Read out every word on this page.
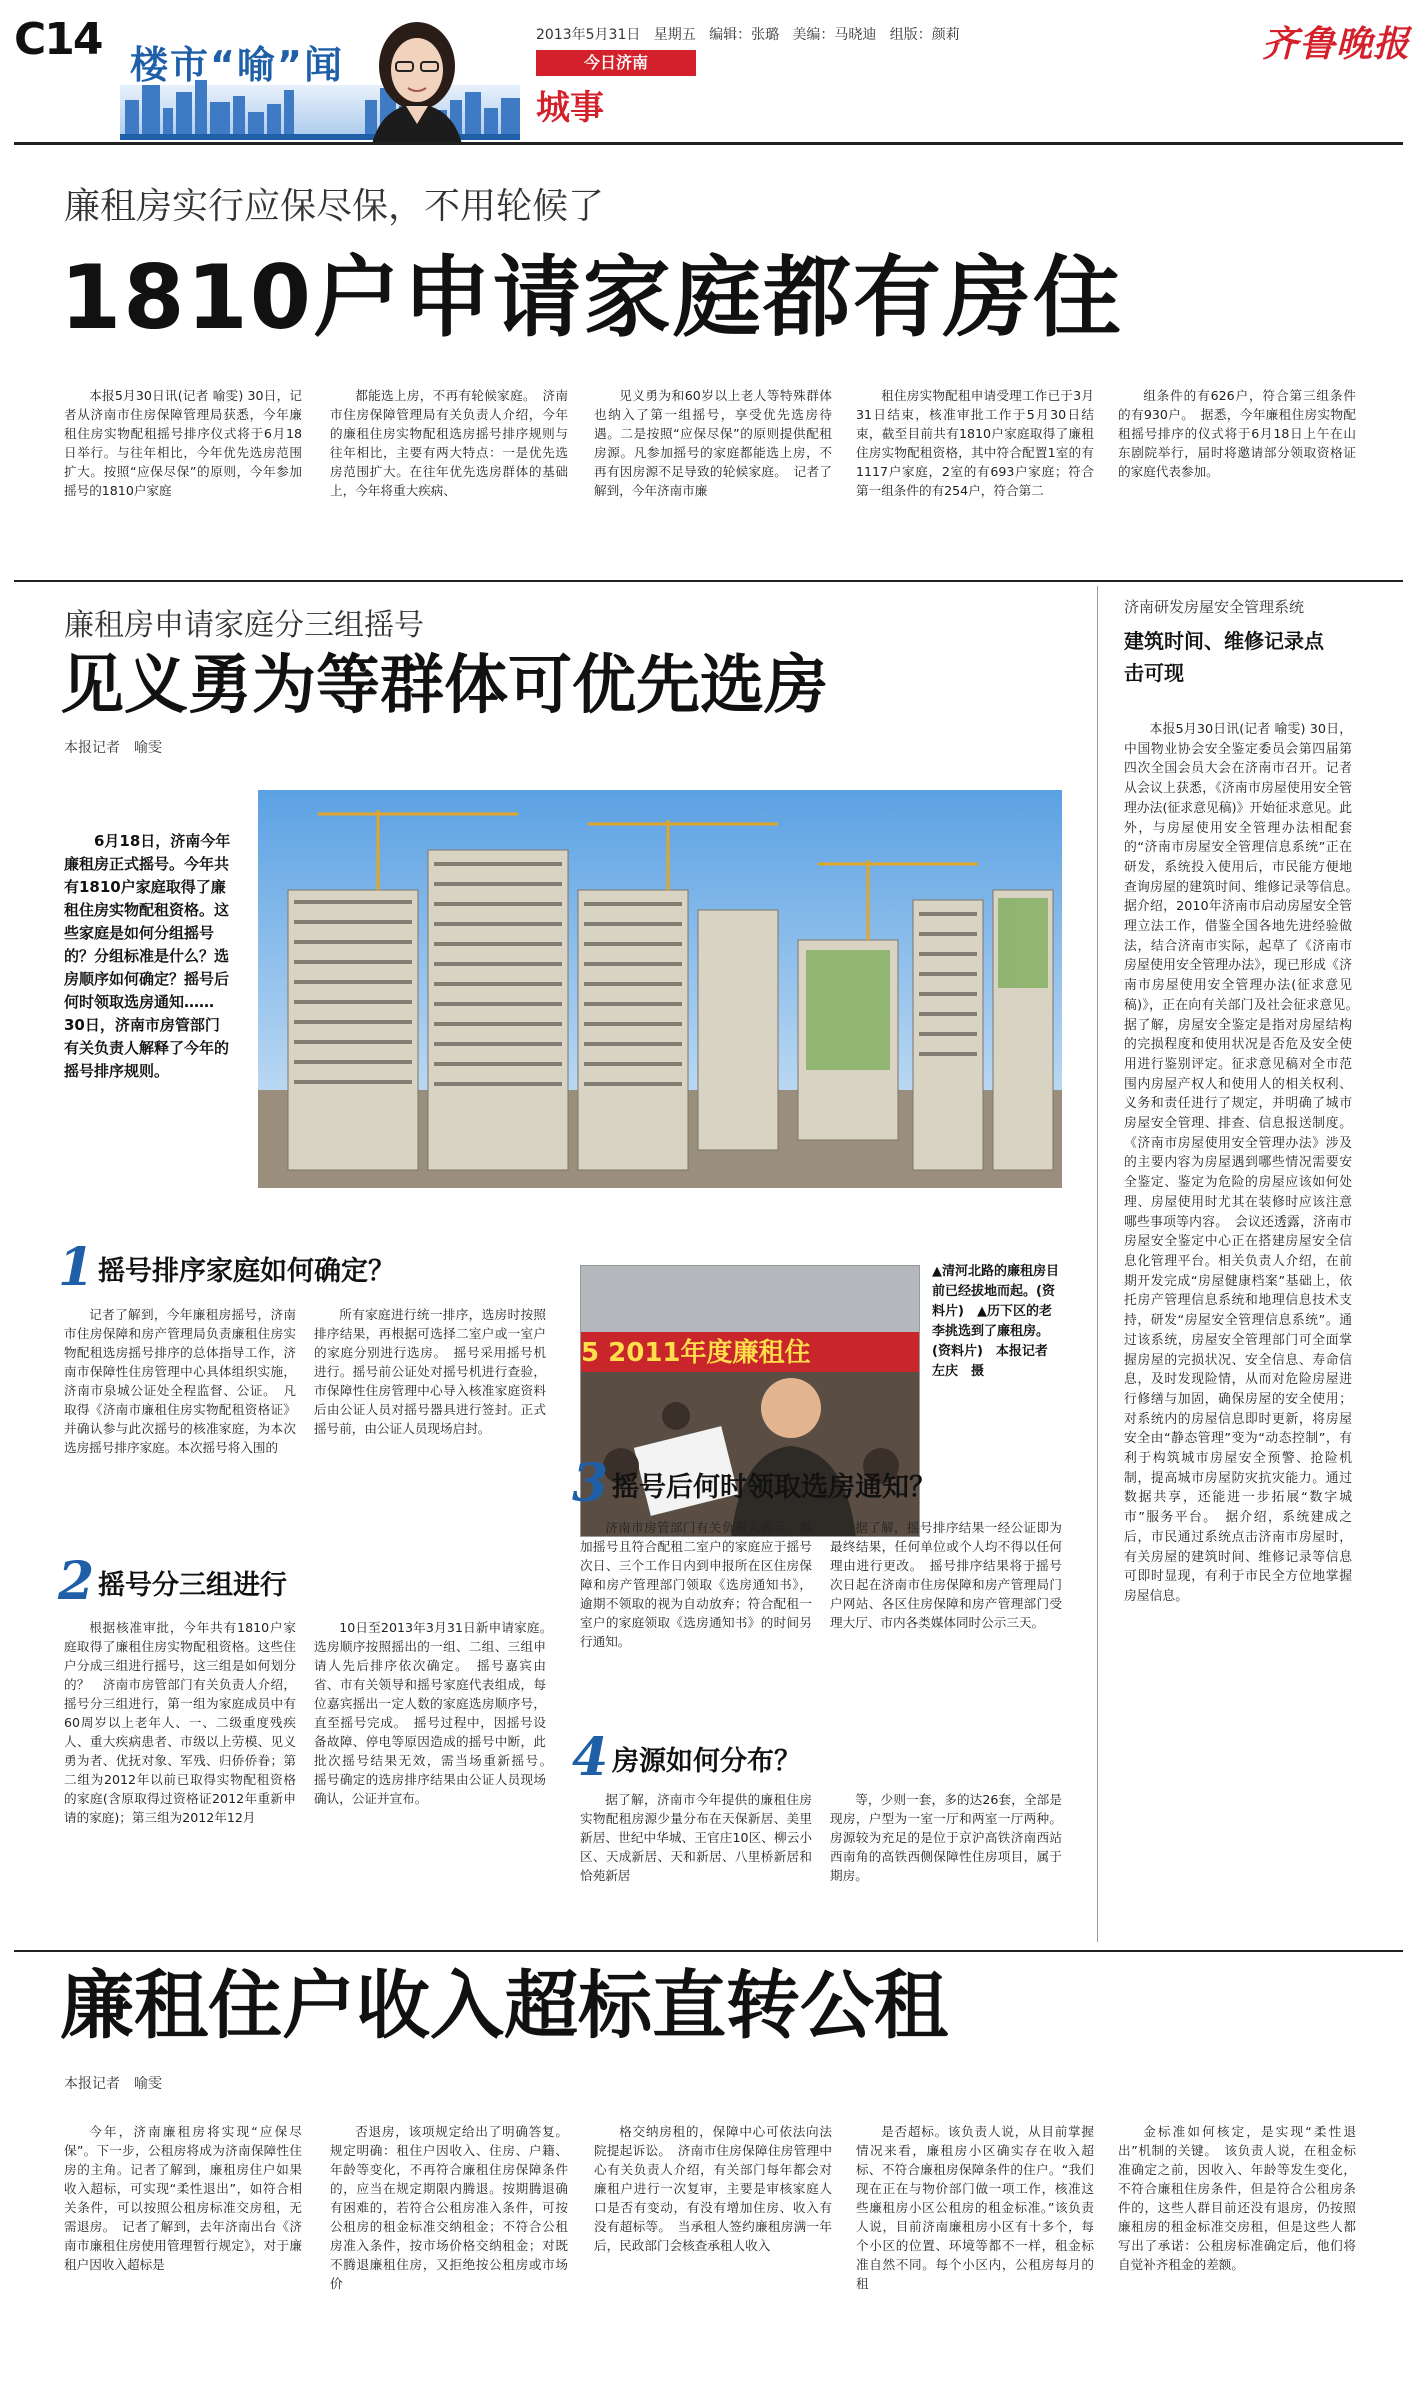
C14 楼市“喻”闻
2013年5月31日 星期五 编辑：张璐 美编：马晓迪 组版：颜莉
今日济南
城事
齐鲁晚报
廉租房实行应保尽保，不用轮候了
1810户申请家庭都有房住
本报5月30日讯(记者 喻雯) 30日，记者从济南市住房保障管理局获悉，今年廉租住房实物配租摇号排序仪式将于6月18日举行。与往年相比，今年优先选房范围扩大。按照“应保尽保”的原则，今年参加摇号的1810户家庭
都能选上房，不再有轮候家庭。　济南市住房保障管理局有关负责人介绍，今年的廉租住房实物配租选房摇号排序规则与往年相比，主要有两大特点：一是优先选房范围扩大。在往年优先选房群体的基础上，今年将重大疾病、
见义勇为和60岁以上老人等特殊群体也纳入了第一组摇号，享受优先选房待遇。二是按照“应保尽保”的原则提供配租房源。凡参加摇号的家庭都能选上房，不再有因房源不足导致的轮候家庭。　记者了解到，今年济南市廉
租住房实物配租申请受理工作已于3月31日结束，核准审批工作于5月30日结束，截至目前共有1810户家庭取得了廉租住房实物配租资格，其中符合配置1室的有1117户家庭，2室的有693户家庭；符合第一组条件的有254户，符合第二
组条件的有626户，符合第三组条件的有930户。　据悉，今年廉租住房实物配租摇号排序的仪式将于6月18日上午在山东剧院举行，届时将邀请部分领取资格证的家庭代表参加。
廉租房申请家庭分三组摇号
见义勇为等群体可优先选房
本报记者　喻雯
6月18日，济南今年廉租房正式摇号。今年共有1810户家庭取得了廉租住房实物配租资格。这些家庭是如何分组摇号的？分组标准是什么？选房顺序如何确定？摇号后何时领取选房通知……30日，济南市房管部门有关负责人解释了今年的摇号排序规则。
5 2011年度廉租住
▲清河北路的廉租房目前已经拔地而起。(资料片)　▲历下区的老李挑选到了廉租房。(资料片)　本报记者　左庆　摄
1 摇号排序家庭如何确定？
记者了解到，今年廉租房摇号，济南市住房保障和房产管理局负责廉租住房实物配租选房摇号排序的总体指导工作，济南市保障性住房管理中心具体组织实施，济南市泉城公证处全程监督、公证。　凡取得《济南市廉租住房实物配租资格证》并确认参与此次摇号的核准家庭，为本次选房摇号排序家庭。本次摇号将入围的
所有家庭进行统一排序，选房时按照排序结果，再根据可选择二室户或一室户的家庭分别进行选房。　摇号采用摇号机进行。摇号前公证处对摇号机进行查验，市保障性住房管理中心导入核准家庭资料后由公证人员对摇号器具进行签封。正式摇号前，由公证人员现场启封。
2 摇号分三组进行
根据核准审批，今年共有1810户家庭取得了廉租住房实物配租资格。这些住户分成三组进行摇号，这三组是如何划分的？　济南市房管部门有关负责人介绍，摇号分三组进行，第一组为家庭成员中有60周岁以上老年人、一、二级重度残疾人、重大疾病患者、市级以上劳模、见义勇为者、优抚对象、军残、归侨侨眷；第二组为2012年以前已取得实物配租资格的家庭(含原取得过资格证2012年重新申请的家庭)；第三组为2012年12月
10日至2013年3月31日新申请家庭。　选房顺序按照摇出的一组、二组、三组申请人先后排序依次确定。　摇号嘉宾由省、市有关领导和摇号家庭代表组成，每位嘉宾摇出一定人数的家庭选房顺序号，直至摇号完成。　摇号过程中，因摇号设备故障、停电等原因造成的摇号中断，此批次摇号结果无效，需当场重新摇号。　摇号确定的选房排序结果由公证人员现场确认，公证并宣布。
3 摇号后何时领取选房通知？
济南市房管部门有关负责人表示，参加摇号且符合配租二室户的家庭应于摇号次日、三个工作日内到申报所在区住房保障和房产管理部门领取《选房通知书》，逾期不领取的视为自动放弃；符合配租一室户的家庭领取《选房通知书》的时间另行通知。
据了解，摇号排序结果一经公证即为最终结果，任何单位或个人均不得以任何理由进行更改。　摇号排序结果将于摇号次日起在济南市住房保障和房产管理局门户网站、各区住房保障和房产管理部门受理大厅、市内各类媒体同时公示三天。
4 房源如何分布？
据了解，济南市今年提供的廉租住房实物配租房源少量分布在天保新居、美里新居、世纪中华城、王官庄10区、柳云小区、天成新居、天和新居、八里桥新居和恰苑新居
等，少则一套，多的达26套，全部是现房，户型为一室一厅和两室一厅两种。房源较为充足的是位于京沪高铁济南西站西南角的高铁西侧保障性住房项目，属于期房。
济南研发房屋安全管理系统
建筑时间、维修记录点击可现
本报5月30日讯(记者 喻雯) 30日，中国物业协会安全鉴定委员会第四届第四次全国会员大会在济南市召开。记者从会议上获悉，《济南市房屋使用安全管理办法(征求意见稿)》开始征求意见。此外，与房屋使用安全管理办法相配套的“济南市房屋安全管理信息系统”正在研发，系统投入使用后，市民能方便地查询房屋的建筑时间、维修记录等信息。　据介绍，2010年济南市启动房屋安全管理立法工作，借鉴全国各地先进经验做法，结合济南市实际，起草了《济南市房屋使用安全管理办法》，现已形成《济南市房屋使用安全管理办法(征求意见稿)》，正在向有关部门及社会征求意见。　据了解，房屋安全鉴定是指对房屋结构的完损程度和使用状况是否危及安全使用进行鉴别评定。征求意见稿对全市范围内房屋产权人和使用人的相关权利、义务和责任进行了规定，并明确了城市房屋安全管理、排查、信息报送制度。《济南市房屋使用安全管理办法》涉及的主要内容为房屋遇到哪些情况需要安全鉴定、鉴定为危险的房屋应该如何处理、房屋使用时尤其在装修时应该注意哪些事项等内容。　会议还透露，济南市房屋安全鉴定中心正在搭建房屋安全信息化管理平台。相关负责人介绍，在前期开发完成“房屋健康档案”基础上，依托房产管理信息系统和地理信息技术支持，研发“房屋安全管理信息系统”。通过该系统，房屋安全管理部门可全面掌握房屋的完损状况、安全信息、寿命信息，及时发现险情，从而对危险房屋进行修缮与加固，确保房屋的安全使用；对系统内的房屋信息即时更新，将房屋安全由“静态管理”变为“动态控制”，有利于构筑城市房屋安全预警、抢险机制，提高城市房屋防灾抗灾能力。通过数据共享，还能进一步拓展“数字城市”服务平台。　据介绍，系统建成之后，市民通过系统点击济南市房屋时，有关房屋的建筑时间、维修记录等信息可即时显现，有利于市民全方位地掌握房屋信息。
廉租住户收入超标直转公租
本报记者　喻雯
今年，济南廉租房将实现“应保尽保”。下一步，公租房将成为济南保障性住房的主角。记者了解到，廉租房住户如果收入超标，可实现“柔性退出”，如符合相关条件，可以按照公租房标准交房租，无需退房。　记者了解到，去年济南出台《济南市廉租住房使用管理暂行规定》，对于廉租户因收入超标是
否退房，该项规定给出了明确答复。规定明确：租住户因收入、住房、户籍、年龄等变化，不再符合廉租住房保障条件的，应当在规定期限内腾退。按期腾退确有困难的，若符合公租房准入条件，可按公租房的租金标准交纳租金；不符合公租房准入条件，按市场价格交纳租金；对既不腾退廉租住房，又拒绝按公租房或市场价
格交纳房租的，保障中心可依法向法院提起诉讼。　济南市住房保障住房管理中心有关负责人介绍，有关部门每年都会对廉租户进行一次复审，主要是审核家庭人口是否有变动，有没有增加住房、收入有没有超标等。　当承租人签约廉租房满一年后，民政部门会核查承租人收入
是否超标。该负责人说，从目前掌握情况来看，廉租房小区确实存在收入超标、不符合廉租房保障条件的住户。“我们现在正在与物价部门做一项工作，核准这些廉租房小区公租房的租金标准。”该负责人说，目前济南廉租房小区有十多个，每个小区的位置、环境等都不一样，租金标准自然不同。每个小区内，公租房每月的租
金标准如何核定，是实现“柔性退出”机制的关键。　该负责人说，在租金标准确定之前，因收入、年龄等发生变化，不符合廉租住房条件，但是符合公租房条件的，这些人群目前还没有退房，仍按照廉租房的租金标准交房租，但是这些人都写出了承诺：公租房标准确定后，他们将自觉补齐租金的差额。
